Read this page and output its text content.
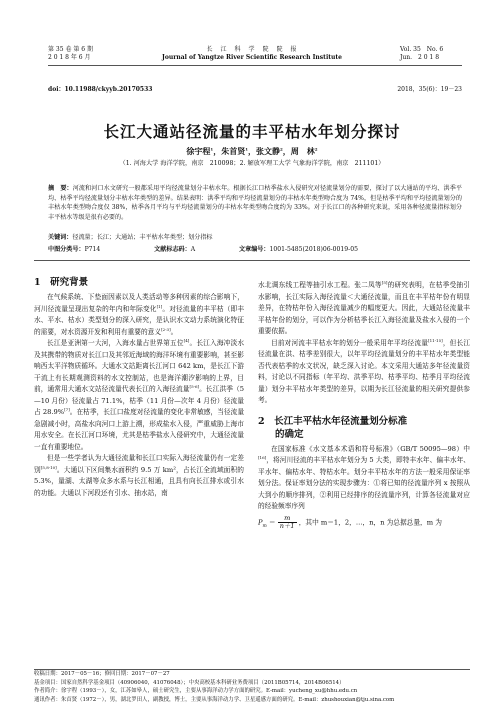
第 35 卷 第 6 期
2 0 1 8 年 6 月
长　江　科　学　院　院　报
Journal of Yangtze River Scientific Research Institute
Vol. 35　No. 6
Jun.　2 0 1 8
doi：10.11988/ckyyb.20170533	2018，35(6)：19－23
长江大通站径流量的丰平枯水年划分探讨
徐宇程$^1$，朱首贤$^1$，张文静$^2$，周　林$^2$
（1. 河海大学 海洋学院，南京　210098；2. 解放军理工大学 气象海洋学院，南京　211101）
摘　要：河流和河口水文研究一般都采用平均径流量划分丰枯水年。根据长江口枯季盐水入侵研究对径流量划分的需要，探讨了以大通站的平均、洪季平均、枯季平均径流量划分丰枯水年类型的差异。结果表明：洪季平均和平均径流量划分的丰枯水年类型吻合度为 74%，但是枯季平均和平均径流量划分的丰枯水年类型吻合度仅 38%，枯季各月平均与平均径流量划分的丰枯水年类型吻合度约为 33%。对于长江口的各种研究来说，采用各种径流量指标划分丰平枯水等级是很有必要的。
关键词：径流量；长江；大通站；丰平枯水年类型；划分指标
中图分类号：P714	文献标志码：A	文章编号：1001-5485(2018)06-0019-05
1　研究背景

在气候系统、下垫面因素以及人类活动等多种因素的综合影响下，河川径流量呈现出复杂的年内和年际变化[1]。对径流量的丰平枯（即丰水、平水、枯水）类型划分的深入研究，是认识水文动力系统演化特征的需要，对水资源开发和利用有重要的意义[2-3]。

长江是亚洲第一大河，入海水量占世界第五位[4]。长江入海冲淡水及其携带的物质对长江口及其邻近海域的海洋环境有重要影响，甚至影响西太平洋物质循环。大通水文站距离长江河口 642 km，是长江下游干流上有长期观测资料的水文控制站，也是海洋潮汐影响的上界，目前，通常用大通水文站径流量代表长江的入海径流量[5-6]。长江洪季（5—10 月份）径流量占 71.1%，枯季（11 月份—次年 4 月份）径流量占 28.9%[7]。在枯季，长江口盐度对径流量的变化非常敏感，当径流量急剧减小时，高盐水向河口上游上溯，形成盐水入侵，严重威胁上海市用水安全。在长江河口环境，尤其是枯季盐水入侵研究中，大通径流量一直有重要地位。

但是一些学者认为大通径流量和长江口实际入海径流量仍有一定差别[5,8-10]。大通以下区间集水面积约 9.5 万 km²，占长江全流域面积的 5.3%，量湖、太湖等众多水系与长江相通，且具有向长江排水或引水的功能。大通以下河段还有引水、抽水站，南

水北调东线工程等抽引水工程。张二凤等[5]的研究表明，在枯季受抽引水影响，长江实际入海径流量＜大通径流量，而且在丰平枯年份有明显差异，在特枯年份入海径流量减少的幅度更大。因此，大通站径流量丰平枯年份的划分，可以作为分析枯季长江入海径流量及盐水入侵的一个重要依据。

目前对河流丰平枯水年的划分一般采用年平均径流量[11-15]，但长江径流量在洪、枯季差别很大，以年平均径流量划分的丰平枯水年类型能否代表枯季的水文状况，缺乏深入讨论。本文采用大通站多年径流量资料，讨论以不同指标（年平均、洪季平均、枯季平均、枯季月平均径流量）划分丰平枯水年类型的差异，以期为长江径流量的相关研究提供参考。

2　长江丰平枯水年径流量划分标准
的确定

在国家标准《水文基本术语和符号标准》（GB/T 50095—98）中[16]，将河川径流的丰平枯水年划分为 5 大类，即特丰水年、偏丰水年、平水年、偏枯水年、特枯水年。划分丰平枯水年的方法一般采用保证率划分法。保证率划分法的实现步骤为：①将已知的径流量序列 x 按照从大到小的顺序排列，②利用已经排序的径流量序列，计算各径流量对应的经验频率序列

$P_m = \frac{m}{n+1}$ ，其中 m＝1，2，…，n，n 为总据总量，m 为
收稿日期：2017－05－16；修回日期：2017－07－27
基金项目：国家自然科学基金项目（40906040，41076048）；中央高校基本科研业务费项目（2011B05714，2014B06514）
作者简介：徐宇程（1993－），女，江苏如皋人，硕士研究生，主要从事海洋动力学方面的研究。E-mail：yucheng_xu@hhu.edu.cn
通讯作者：朱首贤（1972－），男，湖北罗田人，副教授，博士，主要从事海洋动力学、卫星遥感方面的研究。E-mail：zhushouxian@tju.sina.com
